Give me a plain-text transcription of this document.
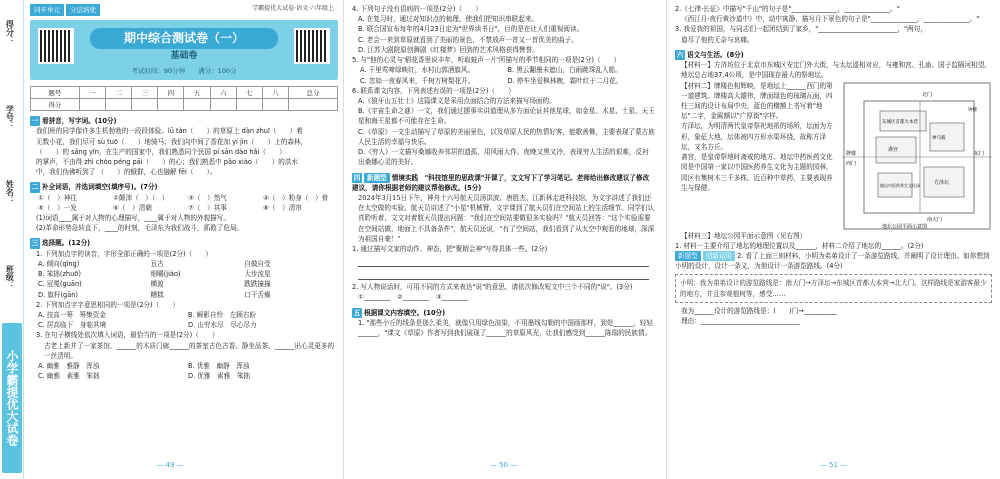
得分：
学号：
姓名：
班级：
小学霸提优大试卷
同步单元	分层培优	学霸提优大试卷·语文·六年级上
期中综合测试卷（一）
基础卷
考试时间：90分钟　　满分：100分
题号	一	二	三	四	五	六	七	八	总分
得分									
一 看拼音，写字词。(10分)
我们班的同学像许多生机勃勃的一段段体验。lǜ tàn（　　）的草原上 dàn zhuī（　　）着
无数小花，我们尽可 sù tuō（　　）地骑马；我们向中间了香花加 yí jìn（　　）上的森林，
（　　）的 sǎng yīn，在生产的国家中，我们熟悉同个民国 pí sān dào hǎi（　　）
的掌声，不由得 zhì chóo péng pāi（　　）的心；我们熟悉中 pǎo xiào（　　）的洪水
中，我们伪佛听到了 （　　）的蛾群，心也融解 fēi（　　）。
二 补全词语，并选词填空(填序号)。(7分)
①（　）神往	②颠沛（　）（　）	③（　）然气	④（　）粉身（　）骨
⑤（　）一发	⑥（　）清朝	⑦（　）其事	⑧（　）清帘
(1)词语____属于对人物的心理描写，____属于对人物的外貌描写。
(2)革命形势急转直下，____的时刻，毛泽东为我们战斗，抓救了危局。
三 选择题。(12分)
1. 下列加点字的读音，字形全部正确的一项是(2分)（　　）
A. 倾向(qīng)	亘古	自做自受
B. 笨拙(zhuō)	细嚼(jiáo)	大步流星
C. 冠冕(guān)	横渡	跌跌撞撞
D. 旗杆(gān)	糟糕	口干舌燥
2. 下列加点字字意思相同的一项是(2分)（　　）
A. 技高一筹　筹集资金	B. 瞬影自怜　左顾右盼
C. 居高临下　身临其境	D. 山穷水尽　尽心尽力
3. 在句子横线处依次填入词语，最恰当的一项是(2分)（　　）
古老上新并了一家茶馆，______的木质门廊______的茶室古色古香。静坐品茶，______出心灵更多的一丝清明。
A. 幽雅　雅静　浑浊	B. 优雅　幽静　浑浊
C. 幽雅　素雅　笨拙	D. 优雅　素雅　笨拙
— 49 —
4. 下列句子没有语病的一项是(2分)（　　）
A. 在复习时，通过对知识点的梳理，使我们把知识串联起来。
B. 联合国宣布每年的4月23日定为"世界读书日"，目的是在让人们重视阅读。
C. 老会一来到草原就看到了美丽的景色，不禁放声一首又一首优美的曲子。
D. 江苏大剧院原创舞剧《红楼梦》回到的艺术风格获得赞誉。
5. 与"他的心灵与'稻花香里说丰年，听取蛙声一片'所描写的季节相同的一项是(2分)（　　）
A. 千里莺啼绿映红，水村山郭酒旗风。	B. 黑云翻墨未遮山，白雨跳珠乱入船。
C. 忽如一夜春风来，千树万树梨花开。	D. 停车坐爱枫林晚，霜叶红于二月花。
6. 联系课文内容，下列表述有误的一项是(2分)（　　）
A.《狼牙山五壮士》这篇课文是采用点面结合的方法来描写场面的。
B.《宇宙生命之谜》一文，我们通过摆事实讲道理从多方面论证其他星球，如金星、木星、土星、天王星和海王星都不可能存在生命。
C.《草原》一文生动描写了草原的美丽景色，以及草原人民的热情好客，能歌善舞，主要表现了蒙古族人民生活的幸福与快乐。
D.《穷人》一文描写桑娜收养邻居的遗孤，用风雨大作、夜晚又黑又冷，表现穷人生活的艰难，反衬出桑娜心灵的美好。
四 新题型 情境实践　"科技馆里的思政课"开课了，文文写下了学习笔记。老师给出修改建议了修改建议，请你根据老师的建议帮他修改。(5分)
2024年3月15日下午，神舟十六号航天员汤洪波、唐胜杰、江新林走进科技馆，为文字讲述了我们还在太空做的实验。航天员讲述了"小星"机械臂，文字课到了航天员们在空间站上的生活细节。同学们认真聆听着，文文对着航天员提出问题："我们在空间站要做很多实验吗？"航天员回答："这个实验需要在空间站做，地面上不具备条件"，航天员还说，"有了空间站，我们看到了从太空中观看的地球，深深为祖国自豪！"
1. 通过描写文家的动作、神态，把"聚精会神"写得具体一些。(2分)
2. 写人物说话时，可用不同的方式来表达"说"的意思，请依次修改短文中三个不同的"说"。(3分)
①________　②________　③________
五 根据课文内容填空。(10分)
1. "那些小丘的线条是那么柔美，就像只用绿色渲染，不用墨线勾勒的中国画那样，到处______，轻轻______，"课文《草原》作者写到我们展现了______的草原风光，让我们感受到______陈瑞的民族情。
— 50 —
2.《七律·长征》中描写"千山"的句子是"______________，______________。"
《西江月·夜行黄沙道中》中，动中寓静，描写月下景色的句子是"______________，______________。"
3. 我爱我的祖国，与同志们一起团结到了家乡，"________________________，"两句，
道尽了他的无奈与哀痛。
六 语文与生活。(8分)
【材料一】方济坊位于北京市东城区安定门外大街，与太坛遥相对应，与雍和宫、孔庙、国子监隔河相望。地坛总占地37.4公顷，是中国现存最大的祭地坛。
【材料二】牌楼色相辉映，是地坛上______西门的第一道建筑。牌楼高大雄伟，牌面绿色的琉璃瓦面，四柱三间的设计布局中央，蓝色的横额上书写着"地坛"二字，金匾额以"广厚街"字样。
方泽坛，为明清两代皇帝祭祀地祇的场所，坛面为方形，象征大地，坛体被四方形水渠环绕，故称方泽坛，又名方丘。
斋宫，是皇帝祭地时斋戒的地方。地坛中药医药文化园是中国第一家以中国医药养生文化为主题的园林，园区有集树木三千多株，近百种中草药，主要表现养生与保健。
北门
东城区首都大本营
斋宫
方泽坛
神马殿
牌楼
西门
地坛中医药养生文化园
东门
南大门
钟楼
地坛公园平面示意图
【材料三】地坛公园平面示意图（见右图）
1. 材料一主要介绍了地坛的地理位置以及______，材料二介绍了地坛的______。(2分)
新题型 创新运用 2. 看了上面三则材料，小明为弟弟设计了一条游览路线，并阐明了设计理由。如你想到小明的设计，设计一条义，为他设计一条游览路线。(4分)
小明：我为弟弟设计的游览路线是：南大门→方泽坛→东城区首都大本营→北大门。这样路线是家游客最少的地方，并且参观植树等，感受……
我为______设计的游览路线是：(　　)门→__________
理由：______________________________
— 51 —
